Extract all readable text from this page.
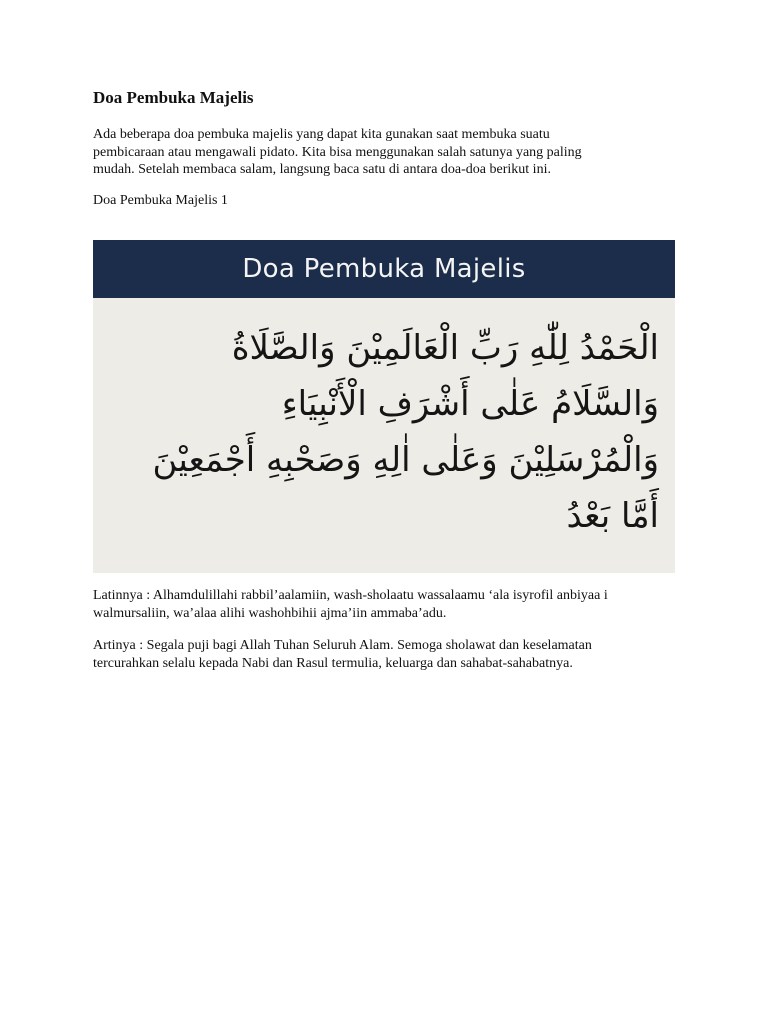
Doa Pembuka Majelis

Ada beberapa doa pembuka majelis yang dapat kita gunakan saat membuka suatu
pembicaraan atau mengawali pidato. Kita bisa menggunakan salah satunya yang paling
mudah. Setelah membaca salam, langsung baca satu di antara doa-doa berikut ini.

Doa Pembuka Majelis 1

Doa Pembuka Majelis
الْحَمْدُ لِلّٰهِ رَبِّ الْعَالَمِيْنَ وَالصَّلَاةُ
وَالسَّلَامُ عَلٰى أَشْرَفِ الْأَنْبِيَاءِ
وَالْمُرْسَلِيْنَ وَعَلٰى اٰلِهِ وَصَحْبِهِ أَجْمَعِيْنَ
أَمَّا بَعْدُ

Latinnya : Alhamdulillahi rabbil’aalamiin, wash-sholaatu wassalaamu ‘ala isyrofil anbiyaa i
walmursaliin, wa’alaa alihi washohbihii ajma’iin ammaba’adu.

Artinya : Segala puji bagi Allah Tuhan Seluruh Alam. Semoga sholawat dan keselamatan
tercurahkan selalu kepada Nabi dan Rasul termulia, keluarga dan sahabat-sahabatnya.
